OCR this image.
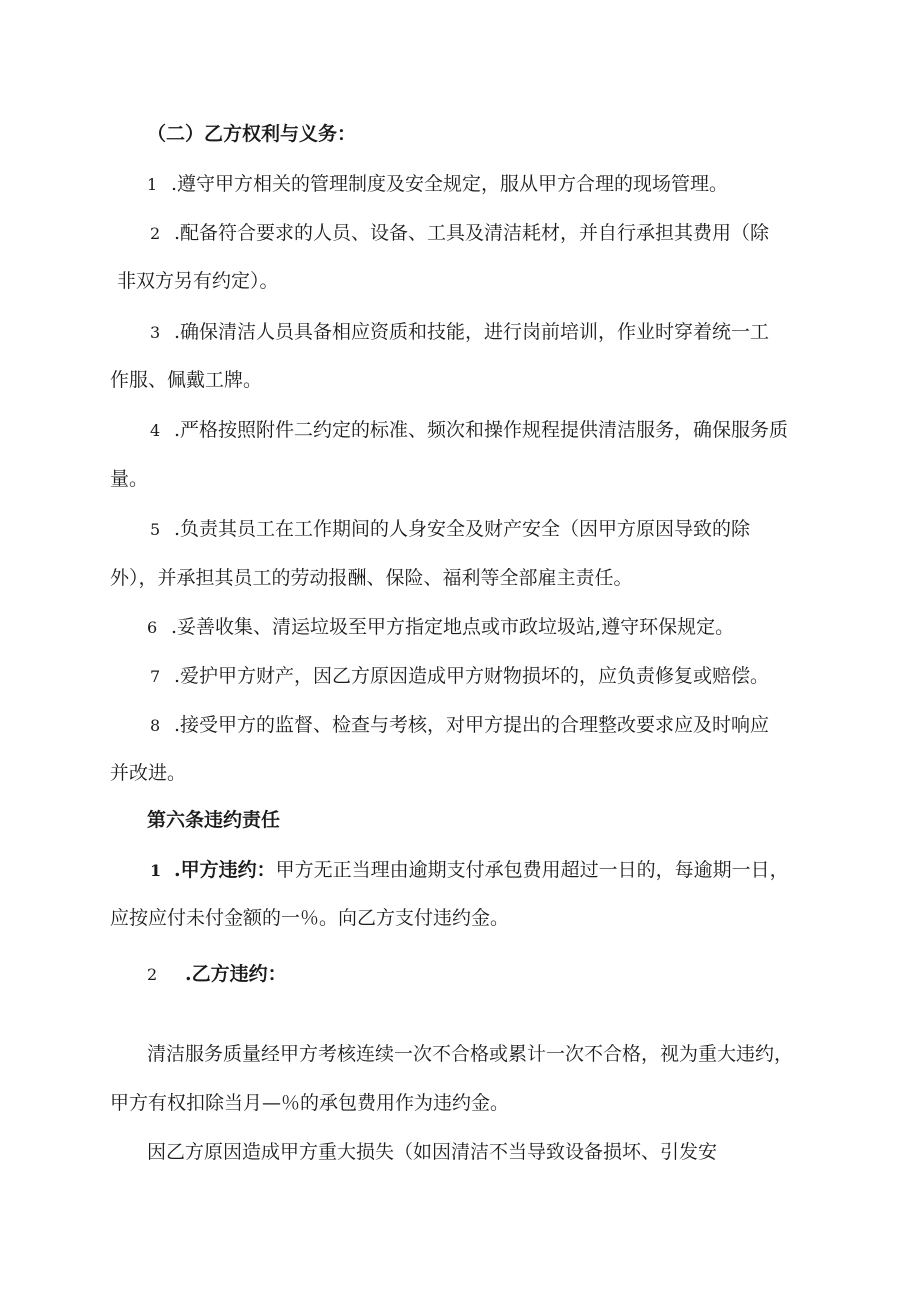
（二）乙方权利与义务：

1 .遵守甲方相关的管理制度及安全规定，服从甲方合理的现场管理。

2 .配备符合要求的人员、设备、工具及清洁耗材，并自行承担其费用（除

非双方另有约定）。

3 .确保清洁人员具备相应资质和技能，进行岗前培训，作业时穿着统一工

作服、佩戴工牌。

4 .严格按照附件二约定的标准、频次和操作规程提供清洁服务，确保服务质

量。

5 .负责其员工在工作期间的人身安全及财产安全（因甲方原因导致的除

外），并承担其员工的劳动报酬、保险、福利等全部雇主责任。

6 .妥善收集、清运垃圾至甲方指定地点或市政垃圾站,遵守环保规定。

7 .爱护甲方财产，因乙方原因造成甲方财物损坏的，应负责修复或赔偿。

8 .接受甲方的监督、检查与考核，对甲方提出的合理整改要求应及时响应

并改进。

第六条违约责任

1 .甲方违约：甲方无正当理由逾期支付承包费用超过一日的，每逾期一日，

应按应付未付金额的一％。向乙方支付违约金。

2 .乙方违约：

清洁服务质量经甲方考核连续一次不合格或累计一次不合格，视为重大违约，

甲方有权扣除当月—％的承包费用作为违约金。

因乙方原因造成甲方重大损失（如因清洁不当导致设备损坏、引发安
